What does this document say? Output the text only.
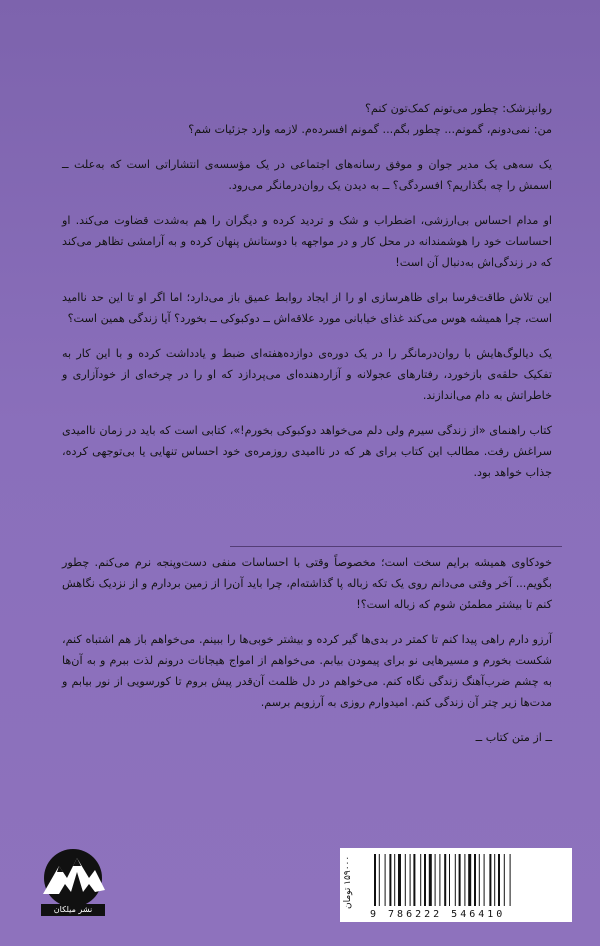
روانپزشک: چطور می‌تونم کمک‌تون کنم؟
من: نمی‌دونم، گمونم... چطور بگم... گمونم افسرده‌م. لازمه وارد جزئیات شم؟

یک سه‌هی یک مدیر جوان و موفق رسانه‌های اجتماعی در یک مؤسسه‌ی انتشاراتی است که به‌علت ــ اسمش را چه بگذاریم؟ افسردگی؟ ــ به دیدن یک روان‌درمانگر می‌رود.

او مدام احساس بی‌ارزشی، اضطراب و شک و تردید کرده و دیگران را هم به‌شدت قضاوت می‌کند. او احساسات خود را هوشمندانه در محل کار و در مواجهه با دوستانش پنهان کرده و به آرامشی تظاهر می‌کند که در زندگی‌اش به‌دنبال آن است!

این تلاش طاقت‌فرسا برای ظاهرسازی او را از ایجاد روابط عمیق باز می‌دارد؛ اما اگر او تا این حد ناامید است، چرا همیشه هوس می‌کند غذای خیابانی مورد علاقه‌اش ــ دوکبوکی ــ بخورد؟ آیا زندگی همین است؟

یک دیالوگ‌هایش با روان‌درمانگر را در یک دوره‌ی دوازده‌هفته‌ای ضبط و یادداشت کرده و با این کار به تفکیک حلقه‌ی بازخورد، رفتارهای عجولانه و آزاردهنده‌ای می‌پردازد که او را در چرخه‌ای از خودآزاری و خاطراتش به دام می‌اندازند.

کتاب راهنمای «از زندگی سیرم ولی دلم می‌خواهد دوکبوکی بخورم!»، کتابی است که باید در زمان ناامیدی سراغش رفت. مطالب این کتاب برای هر که در ناامیدی روزمره‌ی خود احساس تنهایی یا بی‌توجهی کرده، جذاب خواهد بود.

خودکاوی همیشه برایم سخت است؛ مخصوصاً وقتی با احساسات منفی دست‌وپنجه نرم می‌کنم. چطور بگویم... آخر وقتی می‌دانم روی یک تکه زباله پا گذاشته‌ام، چرا باید آن‌را از زمین بردارم و از نزدیک نگاهش کنم تا بیشتر مطمئن شوم که زباله است؟!

آرزو دارم راهی پیدا کنم تا کمتر در بدی‌ها گیر کرده و بیشتر خوبی‌ها را ببینم. می‌خواهم باز هم اشتباه کنم، شکست بخورم و مسیرهایی نو برای پیمودن بیابم. می‌خواهم از امواج هیجانات درونم لذت ببرم و به آن‌ها به چشم ضرب‌آهنگ زندگی نگاه کنم. می‌خواهم در دل ظلمت آن‌قدر پیش بروم تا کورسویی از نور بیابم و مدت‌ها زیر چتر آن زندگی کنم. امیدوارم روزی به آرزویم برسم.

ــ از متن کتاب ــ
نشر میلکان
۱۵۹۰۰۰ تومان
9 786222 546410
